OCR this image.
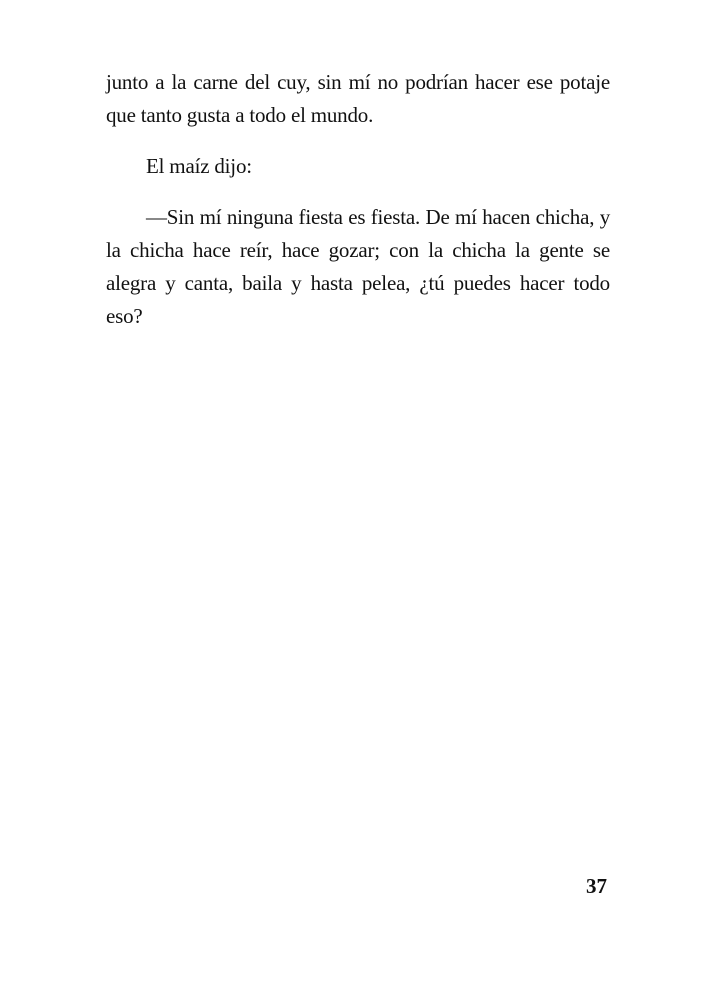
junto a la carne del cuy, sin mí no podrían hacer ese potaje que tanto gusta a todo el mundo.

El maíz dijo:

—Sin mí ninguna fiesta es fiesta. De mí hacen chicha, y la chicha hace reír, hace gozar; con la chicha la gente se alegra y canta, baila y hasta pelea, ¿tú puedes hacer todo eso?

37
